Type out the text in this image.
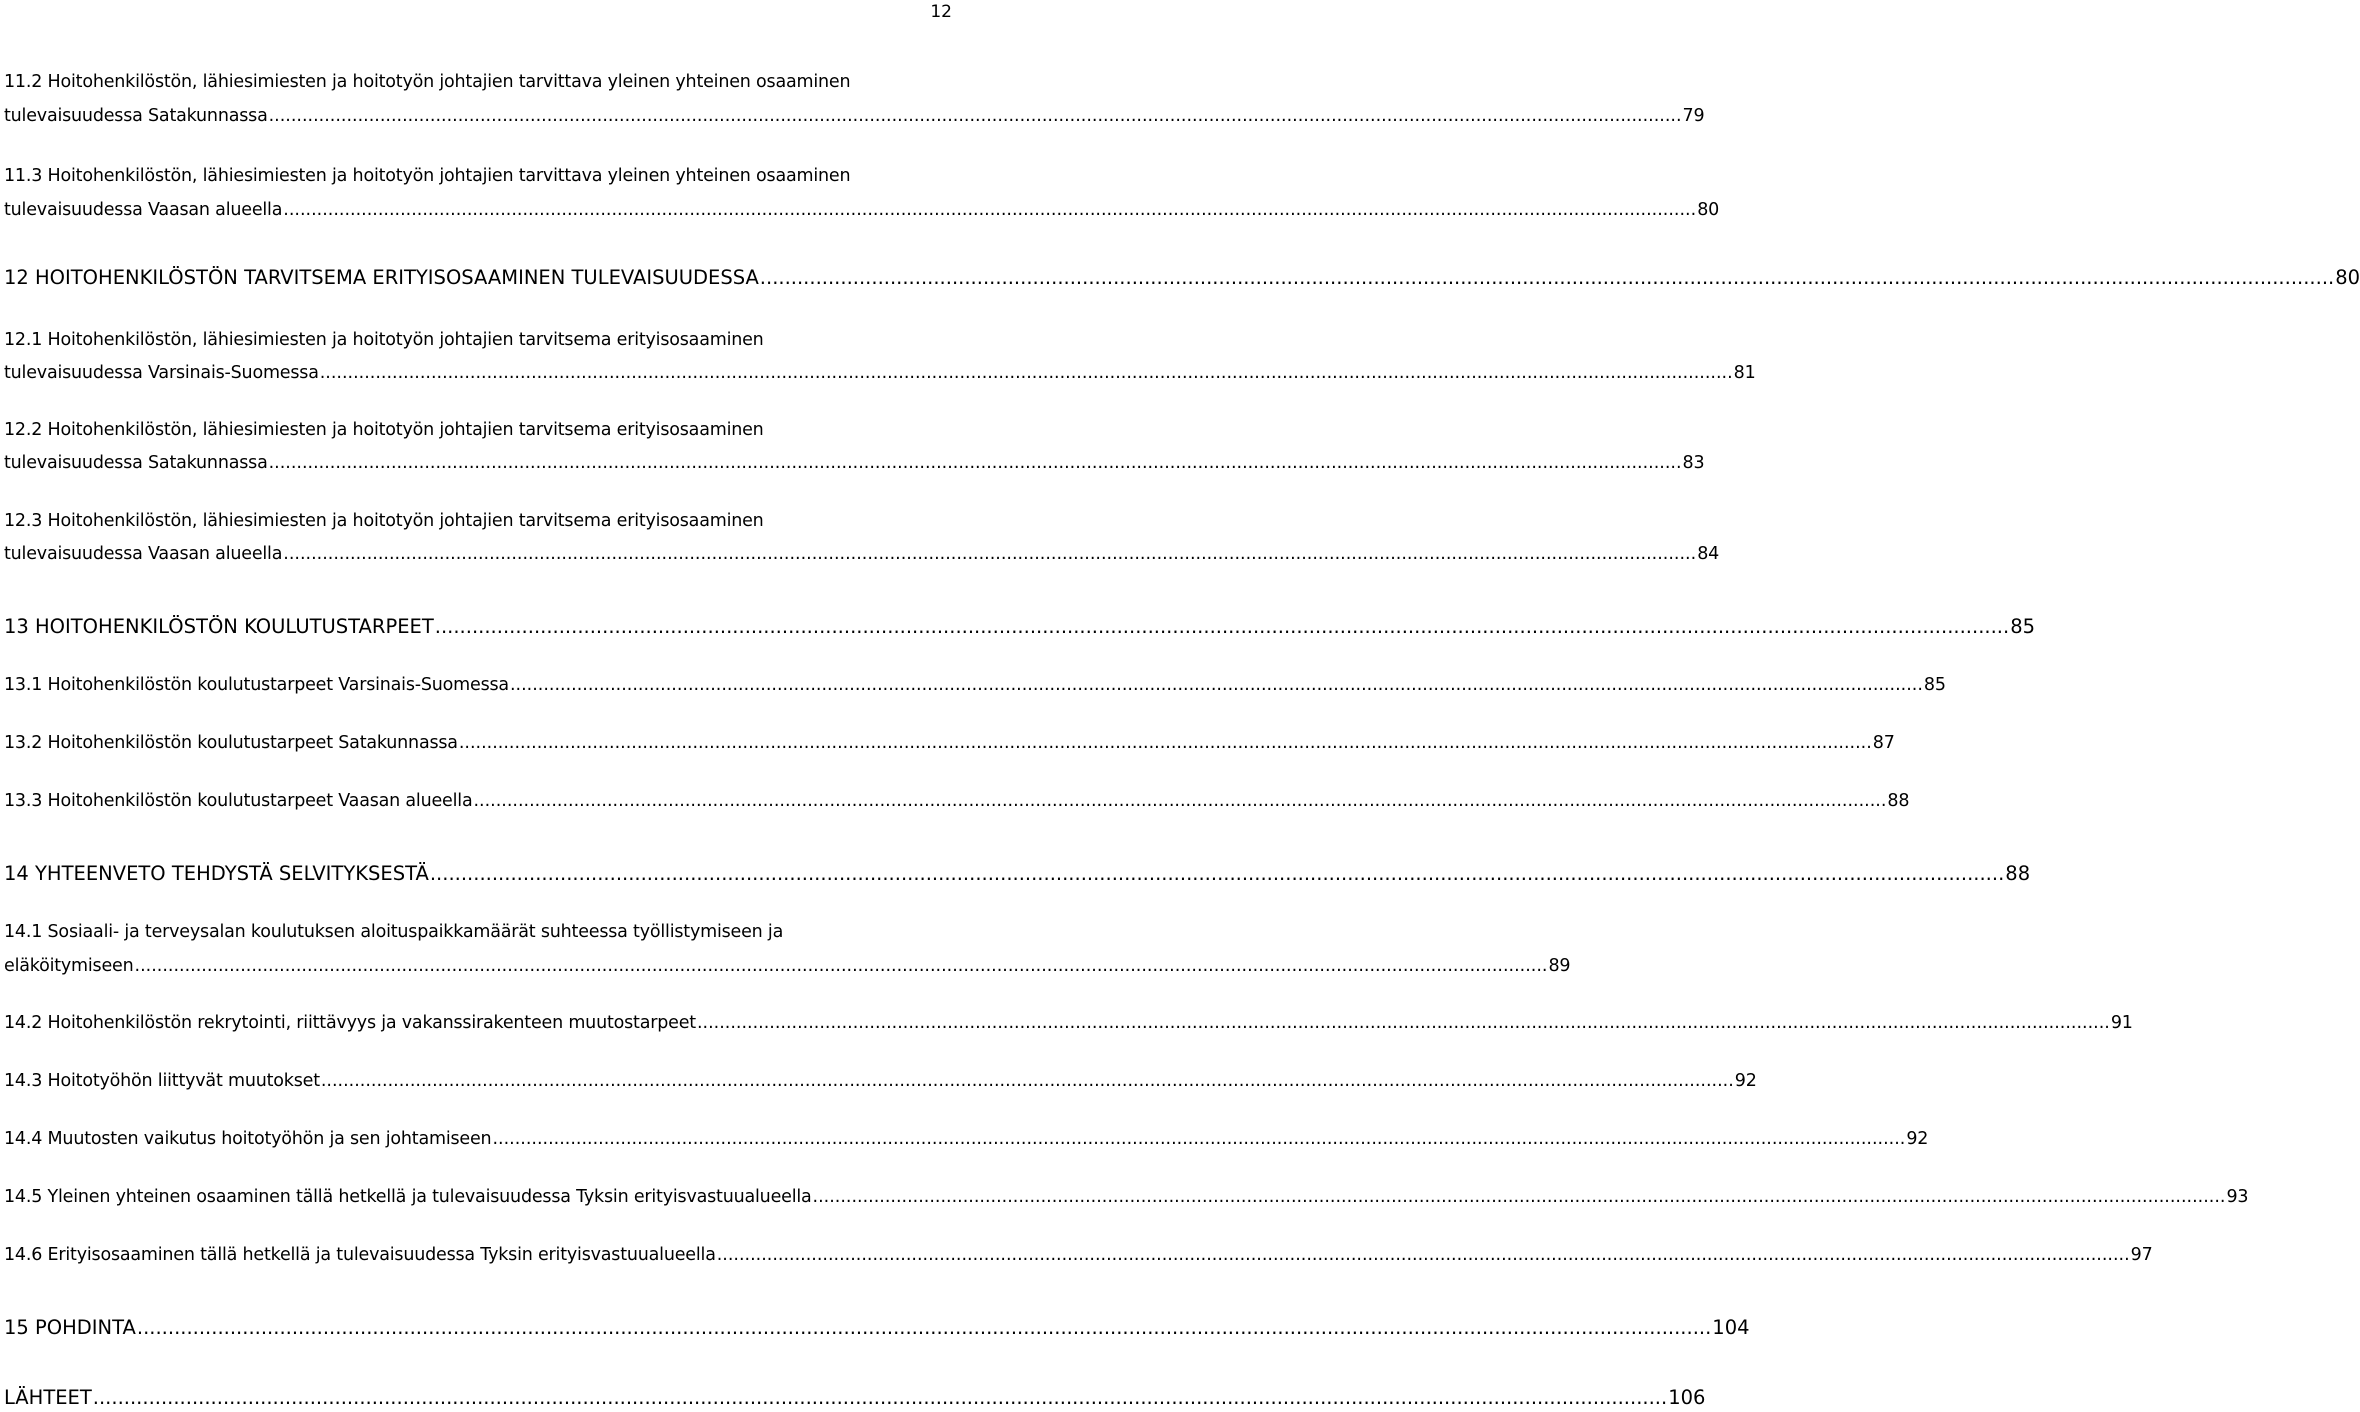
12
11.2 Hoitohenkilöstön, lähiesimiesten ja hoitotyön johtajien tarvittava yleinen yhteinen osaaminen
tulevaisuudessa Satakunnassa .............................................................................................................................................................................................................................................................. 79
11.3 Hoitohenkilöstön, lähiesimiesten ja hoitotyön johtajien tarvittava yleinen yhteinen osaaminen
tulevaisuudessa Vaasan alueella .............................................................................................................................................................................................................................................................. 80
12 HOITOHENKILÖSTÖN TARVITSEMA ERITYISOSAAMINEN TULEVAISUUDESSA .............................................................................................................................................................................................................................................................. 80
12.1 Hoitohenkilöstön, lähiesimiesten ja hoitotyön johtajien tarvitsema erityisosaaminen
tulevaisuudessa Varsinais-Suomessa .............................................................................................................................................................................................................................................................. 81
12.2 Hoitohenkilöstön, lähiesimiesten ja hoitotyön johtajien tarvitsema erityisosaaminen
tulevaisuudessa Satakunnassa .............................................................................................................................................................................................................................................................. 83
12.3 Hoitohenkilöstön, lähiesimiesten ja hoitotyön johtajien tarvitsema erityisosaaminen
tulevaisuudessa Vaasan alueella .............................................................................................................................................................................................................................................................. 84
13 HOITOHENKILÖSTÖN KOULUTUSTARPEET .............................................................................................................................................................................................................................................................. 85
13.1 Hoitohenkilöstön koulutustarpeet Varsinais-Suomessa .............................................................................................................................................................................................................................................................. 85
13.2 Hoitohenkilöstön koulutustarpeet Satakunnassa .............................................................................................................................................................................................................................................................. 87
13.3 Hoitohenkilöstön koulutustarpeet Vaasan alueella .............................................................................................................................................................................................................................................................. 88
14 YHTEENVETO TEHDYSTÄ SELVITYKSESTÄ .............................................................................................................................................................................................................................................................. 88
14.1 Sosiaali- ja terveysalan koulutuksen aloituspaikkamäärät suhteessa työllistymiseen ja
eläköitymiseen .............................................................................................................................................................................................................................................................. 89
14.2 Hoitohenkilöstön rekrytointi, riittävyys ja vakanssirakenteen muutostarpeet .............................................................................................................................................................................................................................................................. 91
14.3 Hoitotyöhön liittyvät muutokset .............................................................................................................................................................................................................................................................. 92
14.4 Muutosten vaikutus hoitotyöhön ja sen johtamiseen .............................................................................................................................................................................................................................................................. 92
14.5 Yleinen yhteinen osaaminen tällä hetkellä ja tulevaisuudessa Tyksin erityisvastuualueella .............................................................................................................................................................................................................................................................. 93
14.6 Erityisosaaminen tällä hetkellä ja tulevaisuudessa Tyksin erityisvastuualueella .............................................................................................................................................................................................................................................................. 97
15 POHDINTA .............................................................................................................................................................................................................................................................. 104
LÄHTEET .............................................................................................................................................................................................................................................................. 106
